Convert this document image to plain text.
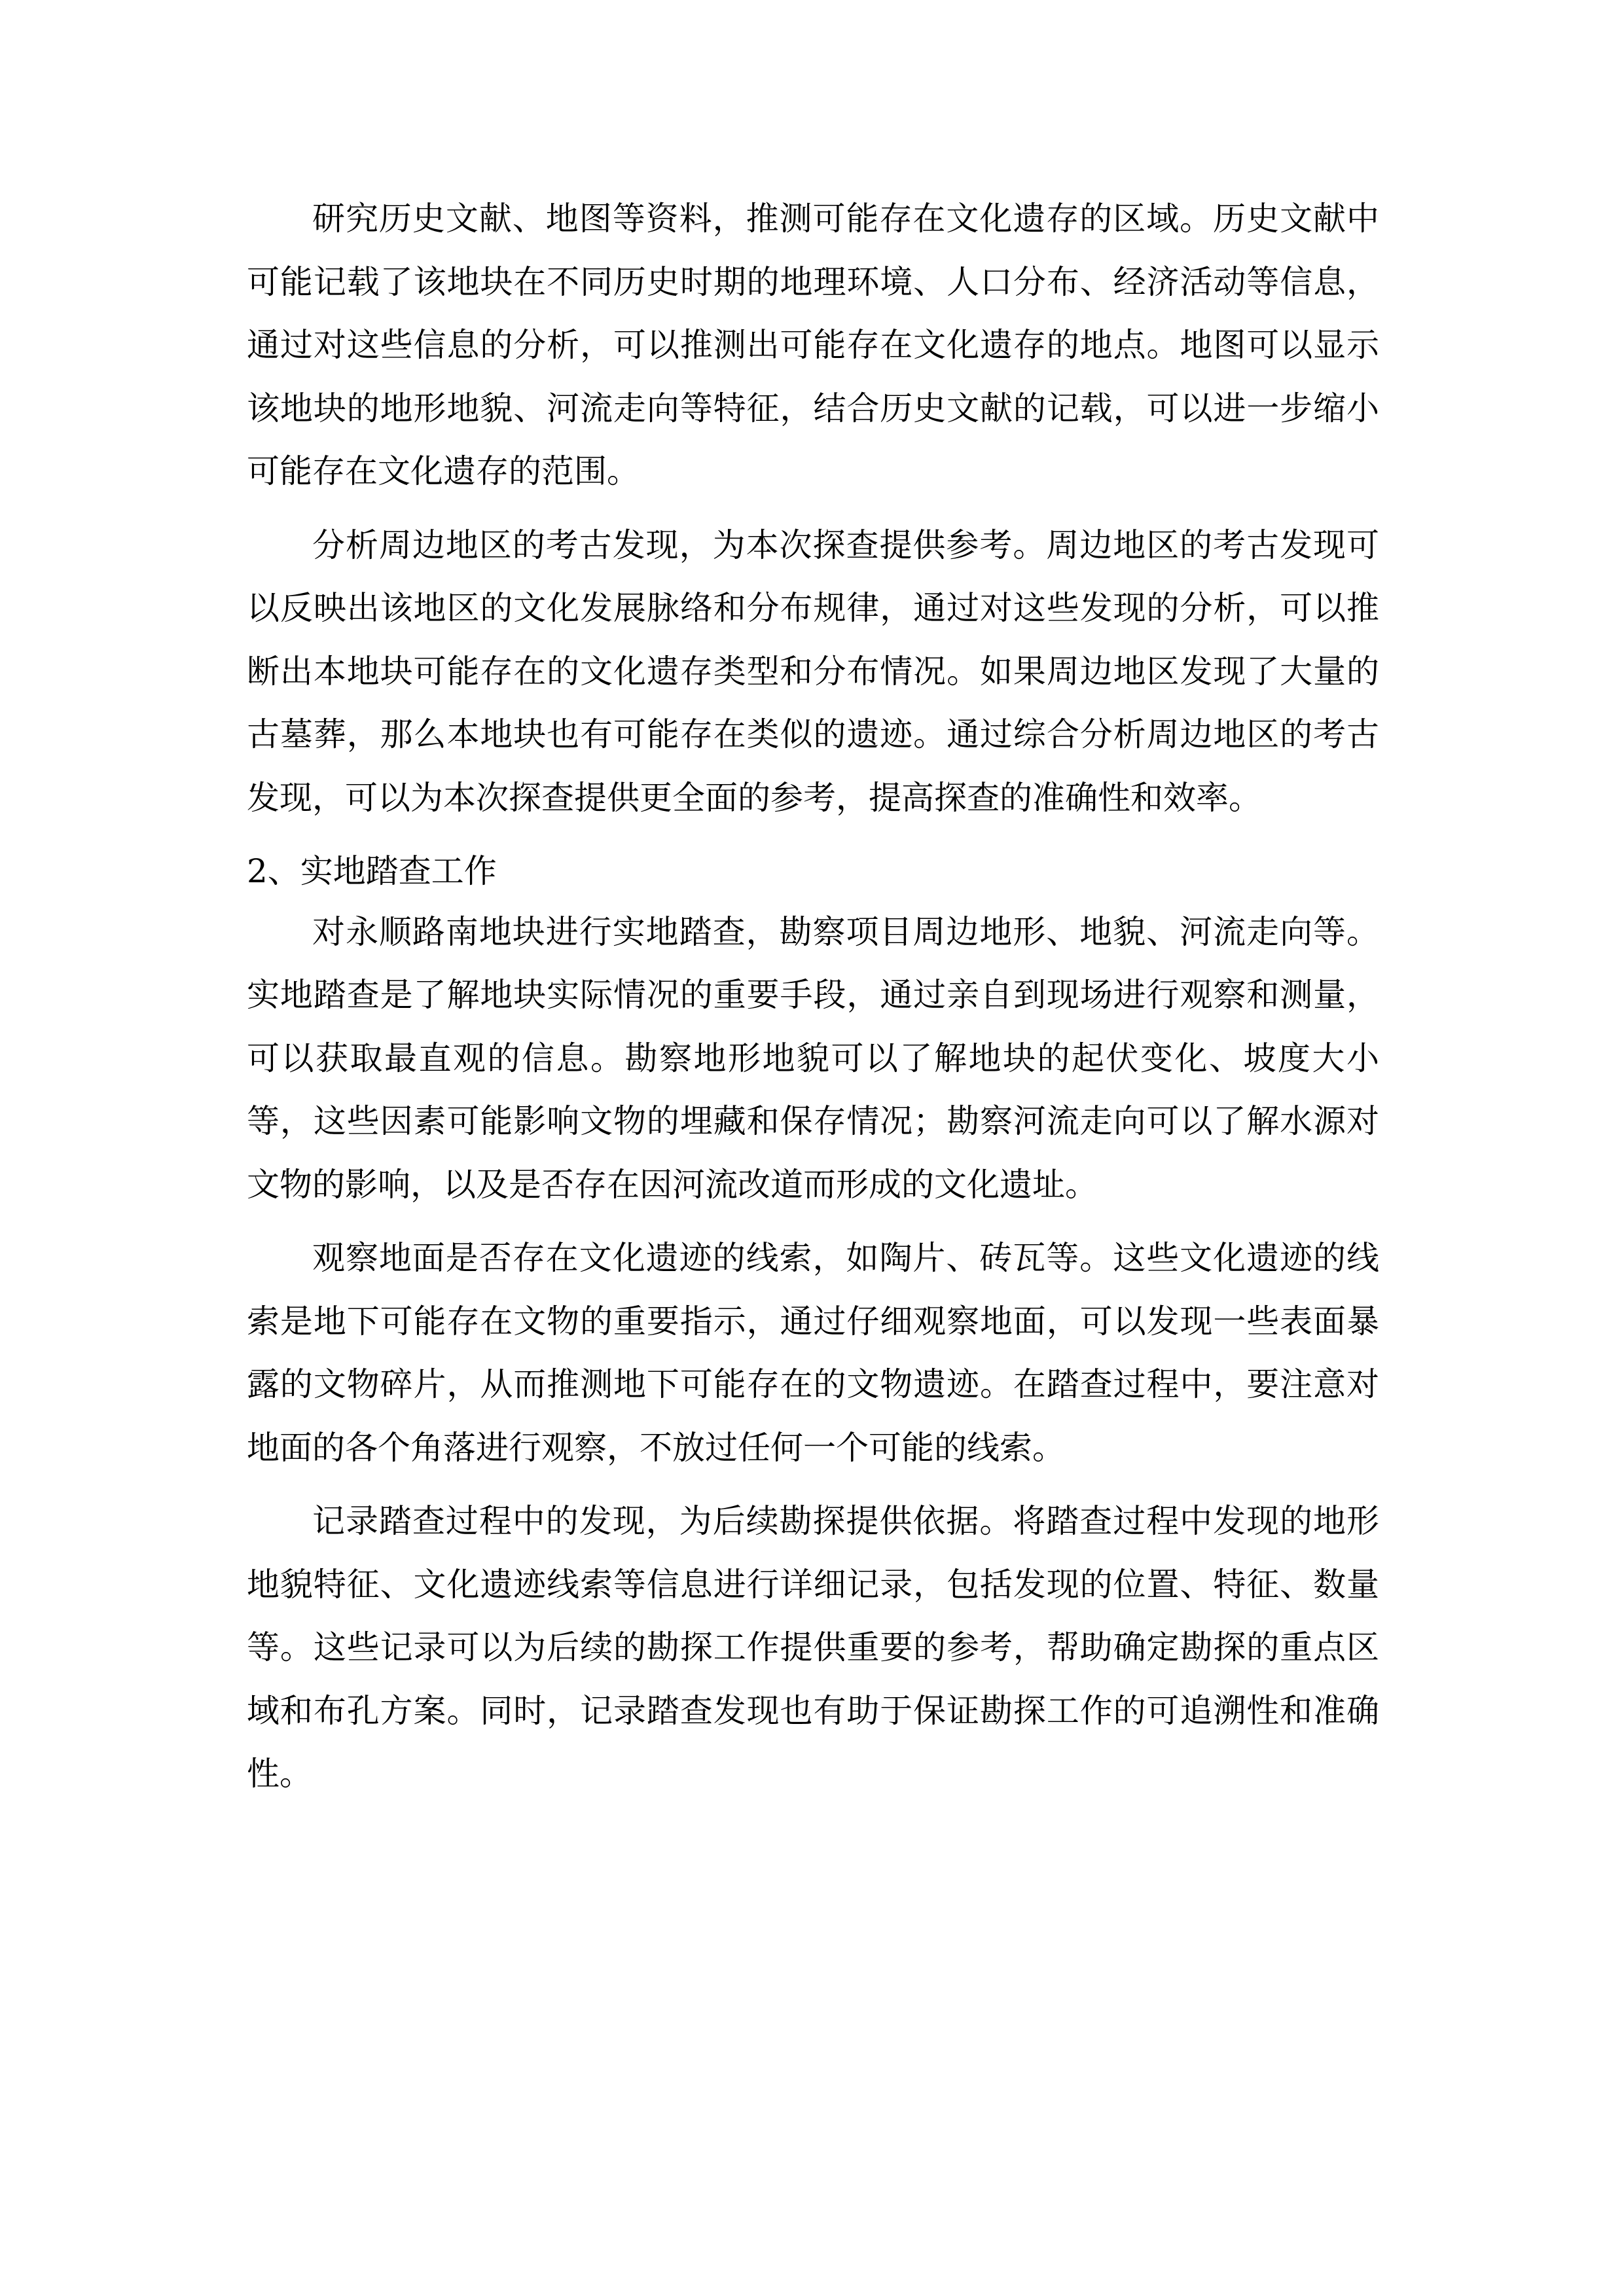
研究历史文献、地图等资料，推测可能存在文化遗存的区域。历史文献中可能记载了该地块在不同历史时期的地理环境、人口分布、经济活动等信息，通过对这些信息的分析，可以推测出可能存在文化遗存的地点。地图可以显示该地块的地形地貌、河流走向等特征，结合历史文献的记载，可以进一步缩小可能存在文化遗存的范围。

分析周边地区的考古发现，为本次探查提供参考。周边地区的考古发现可以反映出该地区的文化发展脉络和分布规律，通过对这些发现的分析，可以推断出本地块可能存在的文化遗存类型和分布情况。如果周边地区发现了大量的古墓葬，那么本地块也有可能存在类似的遗迹。通过综合分析周边地区的考古发现，可以为本次探查提供更全面的参考，提高探查的准确性和效率。

2、实地踏查工作

对永顺路南地块进行实地踏查，勘察项目周边地形、地貌、河流走向等。实地踏查是了解地块实际情况的重要手段，通过亲自到现场进行观察和测量，可以获取最直观的信息。勘察地形地貌可以了解地块的起伏变化、坡度大小等，这些因素可能影响文物的埋藏和保存情况；勘察河流走向可以了解水源对文物的影响，以及是否存在因河流改道而形成的文化遗址。

观察地面是否存在文化遗迹的线索，如陶片、砖瓦等。这些文化遗迹的线索是地下可能存在文物的重要指示，通过仔细观察地面，可以发现一些表面暴露的文物碎片，从而推测地下可能存在的文物遗迹。在踏查过程中，要注意对地面的各个角落进行观察，不放过任何一个可能的线索。

记录踏查过程中的发现，为后续勘探提供依据。将踏查过程中发现的地形地貌特征、文化遗迹线索等信息进行详细记录，包括发现的位置、特征、数量等。这些记录可以为后续的勘探工作提供重要的参考，帮助确定勘探的重点区域和布孔方案。同时，记录踏查发现也有助于保证勘探工作的可追溯性和准确性。
